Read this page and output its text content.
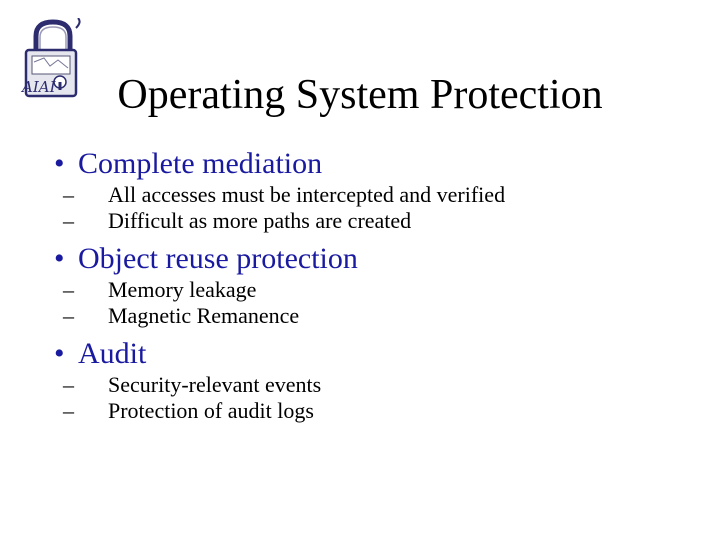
AIAI	Operating System Protection
• Complete mediation
– All accesses must be intercepted and verified
– Difficult as more paths are created
• Object reuse protection
– Memory leakage
– Magnetic Remanence
• Audit
– Security-relevant events
– Protection of audit logs
